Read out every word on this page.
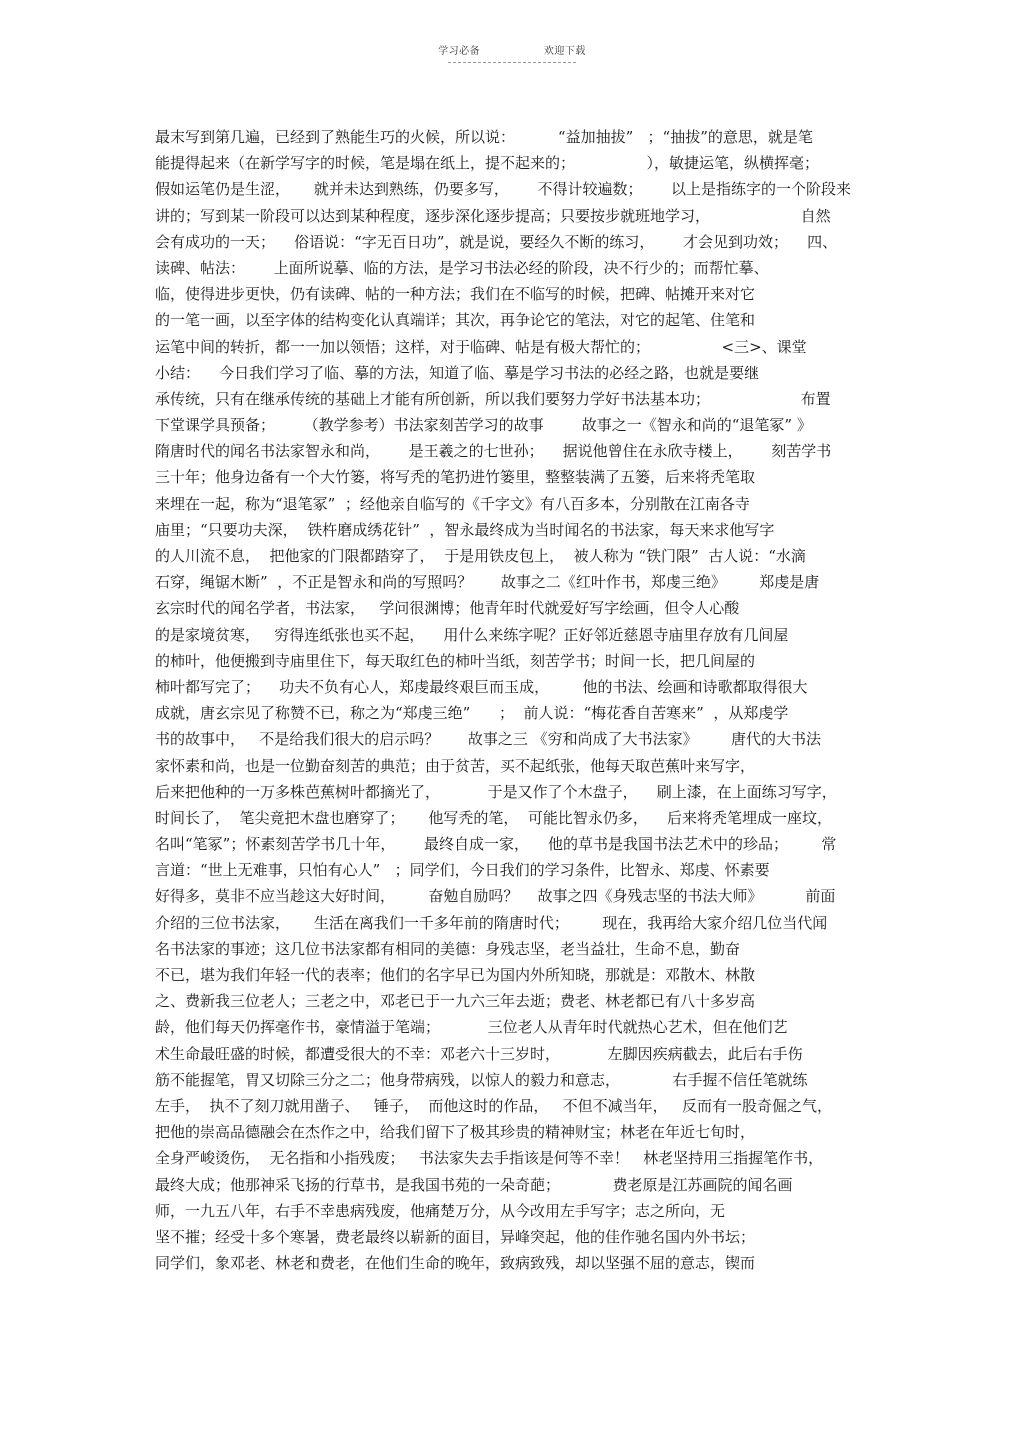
学习必备	欢迎下载
最末写到第几遍，已经到了熟能生巧的火候，所以说：         “益加抽拔”   ；“抽拔”的意思，就是笔
能提得起来（在新学写字的时候，笔是塌在纸上，提不起来的；               ），敏捷运笔，纵横挥毫；
假如运笔仍是生涩，     就并未达到熟练，仍要多写，      不得计较遍数；      以上是指练字的一个阶段来
讲的；写到某一阶段可以达到某种程度，逐步深化逐步提高；只要按步就班地学习，                   自然
会有成功的一天；    俗语说：“字无百日功”，就是说，要经久不断的练习，      才会见到功效；    四、
读碑、帖法：      上面所说摹、临的方法，是学习书法必经的阶段，决不行少的；而帮忙摹、
临，使得进步更快，仍有读碑、帖的一种方法；我们在不临写的时候，把碑、帖摊开来对它
的一笔一画，以至字体的结构变化认真端详；其次，再争论它的笔法，对它的起笔、住笔和
运笔中间的转折，都一一加以领悟；这样，对于临碑、帖是有极大帮忙的；               <三>、课堂
小结：    今日我们学习了临、摹的方法，知道了临、摹是学习书法的必经之路，也就是要继
承传统，只有在继承传统的基础上才能有所创新，所以我们要努力学好书法基本功；                   布置
下堂课学具预备；      （教学参考）书法家刻苦学习的故事        故事之一《智永和尚的“退笔冢” 》
隋唐时代的闻名书法家智永和尚，      是王羲之的七世孙；    据说他曾住在永欣寺楼上，      刻苦学书
三十年；他身边备有一个大竹篓，将写秃的笔扔进竹篓里，整整装满了五篓，后来将秃笔取
来埋在一起，称为“退笔冢”  ；经他亲自临写的《千字文》有八百多本，分别散在江南各寺
庙里；“只要功夫深，  铁杵磨成绣花针”  ，智永最终成为当时闻名的书法家，每天来求他写字
的人川流不息，  把他家的门限都踏穿了，  于是用铁皮包上，  被人称为 “铁门限”  古人说：“水滴
石穿，绳锯木断”  ，不正是智永和尚的写照吗？      故事之二《红叶作书，郑虔三绝》       郑虔是唐
玄宗时代的闻名学者，书法家，   学问很渊博；他青年时代就爱好写字绘画，但令人心酸
的是家境贫寒，   穷得连纸张也买不起，    用什么来练字呢？正好邻近慈恩寺庙里存放有几间屋
的柿叶，他便搬到寺庙里住下，每天取红色的柿叶当纸，刻苦学书；时间一长，把几间屋的
柿叶都写完了；    功夫不负有心人，郑虔最终艰巨而玉成，       他的书法、绘画和诗歌都取得很大
成就，唐玄宗见了称赞不已，称之为“郑虔三绝”      ；  前人说：“梅花香自苦寒来”  ，从郑虔学
书的故事中，   不是给我们很大的启示吗？      故事之三 《穷和尚成了大书法家》       唐代的大书法
家怀素和尚，也是一位勤奋刻苦的典范；由于贫苦，买不起纸张，他每天取芭蕉叶来写字，
后来把他种的一万多株芭蕉树叶都摘光了，          于是又作了个木盘子，    刷上漆，在上面练习写字，
时间长了，  笔尖竟把木盘也磨穿了；     他写秃的笔，  可能比智永仍多，    后来将秃笔埋成一座坟，
名叫“笔冢”；怀素刻苦学书几十年，      最终自成一家，    他的草书是我国书法艺术中的珍品；       常
言道：“世上无难事，只怕有心人”   ；同学们，今日我们的学习条件，比智永、郑虔、怀素要
好得多，莫非不应当趁这大好时间，       奋勉自励吗？    故事之四《身残志坚的书法大师》         前面
介绍的三位书法家，     生活在离我们一千多年前的隋唐时代；       现在，我再给大家介绍几位当代闻
名书法家的事迹；这几位书法家都有相同的美德：身残志坚，老当益壮，生命不息，勤奋
不已，堪为我们年轻一代的表率；他们的名字早已为国内外所知晓，那就是：邓散木、林散
之、费新我三位老人；三老之中，邓老已于一九六三年去逝；费老、林老都已有八十多岁高
龄，他们每天仍挥毫作书，豪情溢于笔端；          三位老人从青年时代就热心艺术，但在他们艺
术生命最旺盛的时候，都遭受很大的不幸：邓老六十三岁时，          左脚因疾病截去，此后右手伤
筋不能握笔，胃又切除三分之二；他身带病残，以惊人的毅力和意志，           右手握不信任笔就练
左手，  执不了刻刀就用凿子、   锤子，  而他这时的作品，   不但不减当年，   反而有一股奇倔之气，
把他的崇高品德融会在杰作之中，给我们留下了极其珍贵的精神财宝；林老在年近七旬时，
全身严峻烫伤，  无名指和小指残废；   书法家失去手指该是何等不幸！   林老坚持用三指握笔作书，
最终大成；他那神采飞扬的行草书，是我国书苑的一朵奇葩；           费老原是江苏画院的闻名画
师，一九五八年，右手不幸患病残废，他痛楚万分，从今改用左手写字；志之所向，无
坚不摧；经受十多个寒暑，费老最终以崭新的面目，异峰突起，他的佳作驰名国内外书坛；
同学们，象邓老、林老和费老，在他们生命的晚年，致病致残，却以坚强不屈的意志，锲而
